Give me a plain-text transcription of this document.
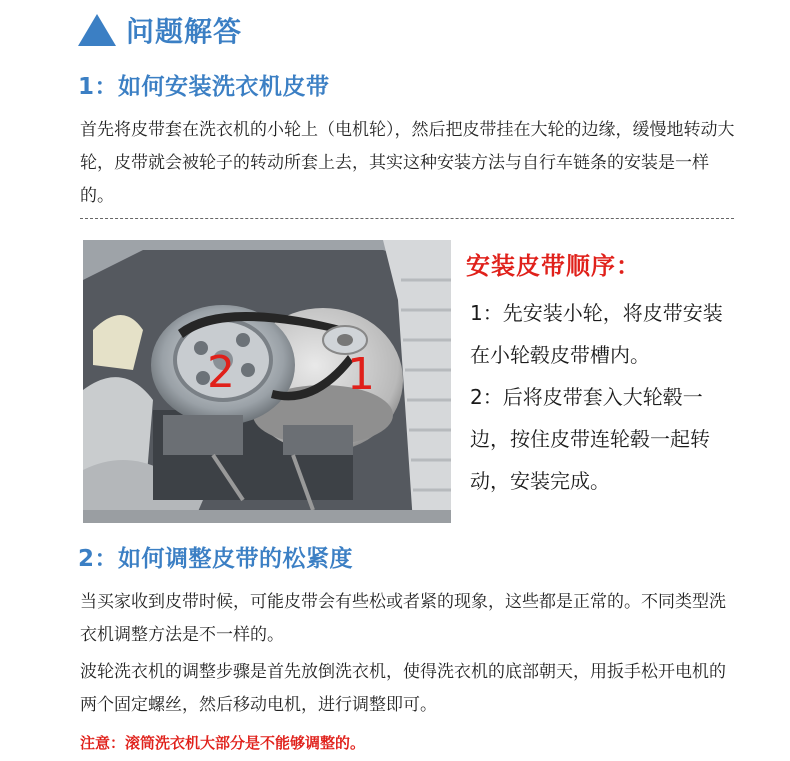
问题解答
1：如何安装洗衣机皮带
首先将皮带套在洗衣机的小轮上（电机轮），然后把皮带挂在大轮的边缘，缓慢地转动大轮，皮带就会被轮子的转动所套上去，其实这种安装方法与自行车链条的安装是一样的。
2	1
安装皮带顺序：
1：先安装小轮，将皮带安装在小轮毂皮带槽内。
2：后将皮带套入大轮毂一边，按住皮带连轮毂一起转动，安装完成。
2：如何调整皮带的松紧度
当买家收到皮带时候，可能皮带会有些松或者紧的现象，这些都是正常的。不同类型洗衣机调整方法是不一样的。
波轮洗衣机的调整步骤是首先放倒洗衣机，使得洗衣机的底部朝天，用扳手松开电机的两个固定螺丝，然后移动电机，进行调整即可。
注意：滚筒洗衣机大部分是不能够调整的。
